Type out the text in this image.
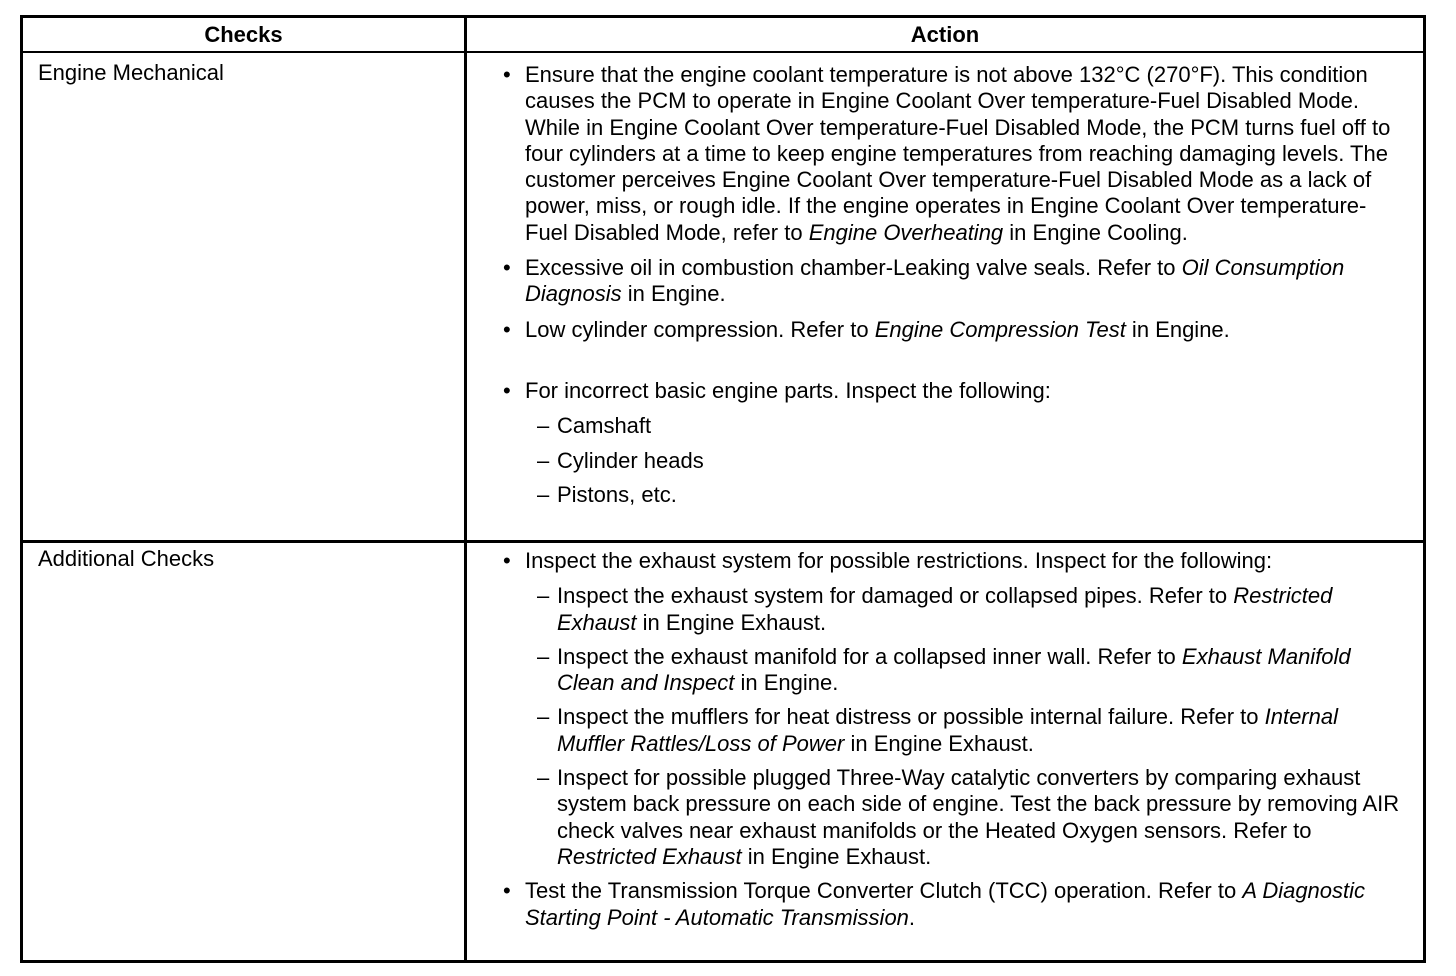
Checks	Action
Engine Mechanical	• Ensure that the engine coolant temperature is not above 132°C (270°F). This condition causes the PCM to operate in Engine Coolant Over temperature-Fuel Disabled Mode. While in Engine Coolant Over temperature-Fuel Disabled Mode, the PCM turns fuel off to four cylinders at a time to keep engine temperatures from reaching damaging levels. The customer perceives Engine Coolant Over temperature-Fuel Disabled Mode as a lack of power, miss, or rough idle. If the engine operates in Engine Coolant Over temperature-Fuel Disabled Mode, refer to Engine Overheating in Engine Cooling.
• Excessive oil in combustion chamber-Leaking valve seals. Refer to Oil Consumption Diagnosis in Engine.
• Low cylinder compression. Refer to Engine Compression Test in Engine.
• For incorrect basic engine parts. Inspect the following:
– Camshaft
– Cylinder heads
– Pistons, etc.
Additional Checks	• Inspect the exhaust system for possible restrictions. Inspect for the following:
– Inspect the exhaust system for damaged or collapsed pipes. Refer to Restricted Exhaust in Engine Exhaust.
– Inspect the exhaust manifold for a collapsed inner wall. Refer to Exhaust Manifold Clean and Inspect in Engine.
– Inspect the mufflers for heat distress or possible internal failure. Refer to Internal Muffler Rattles/Loss of Power in Engine Exhaust.
– Inspect for possible plugged Three-Way catalytic converters by comparing exhaust system back pressure on each side of engine. Test the back pressure by removing AIR check valves near exhaust manifolds or the Heated Oxygen sensors. Refer to Restricted Exhaust in Engine Exhaust.
• Test the Transmission Torque Converter Clutch (TCC) operation. Refer to A Diagnostic Starting Point - Automatic Transmission.
